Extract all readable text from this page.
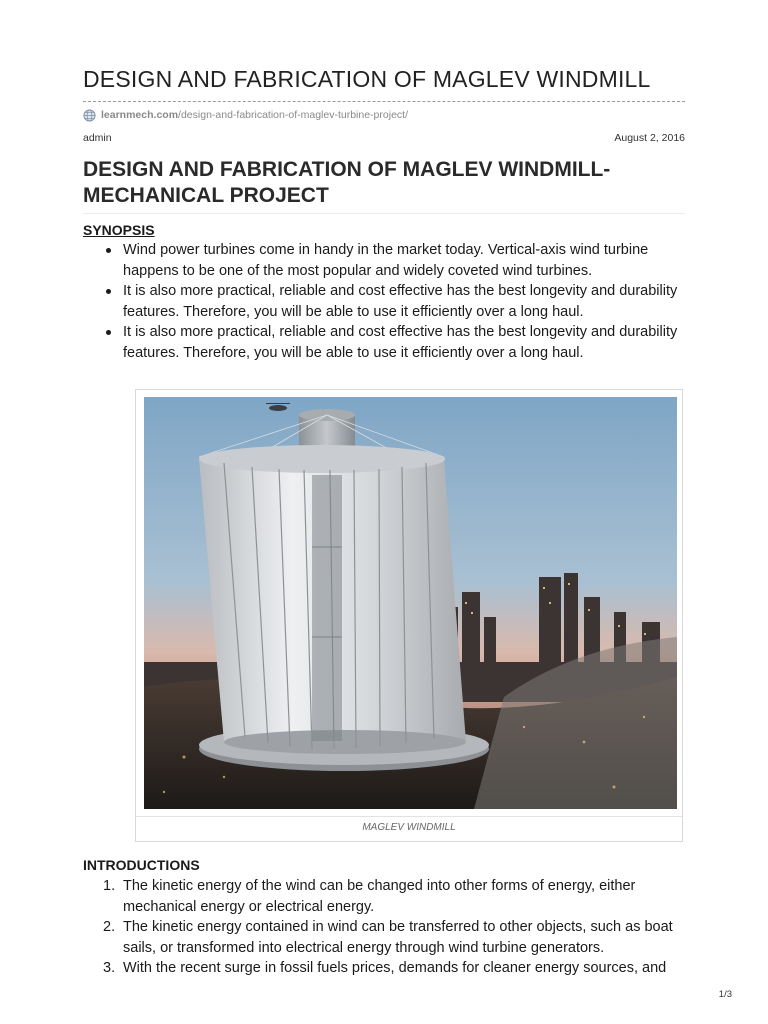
DESIGN AND FABRICATION OF MAGLEV WINDMILL
learnmech.com /design-and-fabrication-of-maglev-turbine-project/
admin	August 2, 2016
DESIGN AND FABRICATION OF MAGLEV WINDMILL-MECHANICAL PROJECT
SYNOPSIS
Wind power turbines come in handy in the market today. Vertical-axis wind turbine happens to be one of the most popular and widely coveted wind turbines.
It is also more practical, reliable and cost effective has the best longevity and durability features. Therefore, you will be able to use it efficiently over a long haul.
It is also more practical, reliable and cost effective has the best longevity and durability features. Therefore, you will be able to use it efficiently over a long haul.
MAGLEV WINDMILL
INTRODUCTIONS
1. The kinetic energy of the wind can be changed into other forms of energy, either mechanical energy or electrical energy.
2. The kinetic energy contained in wind can be transferred to other objects, such as boat sails, or transformed into electrical energy through wind turbine generators.
3. With the recent surge in fossil fuels prices, demands for cleaner energy sources, and
1/3
